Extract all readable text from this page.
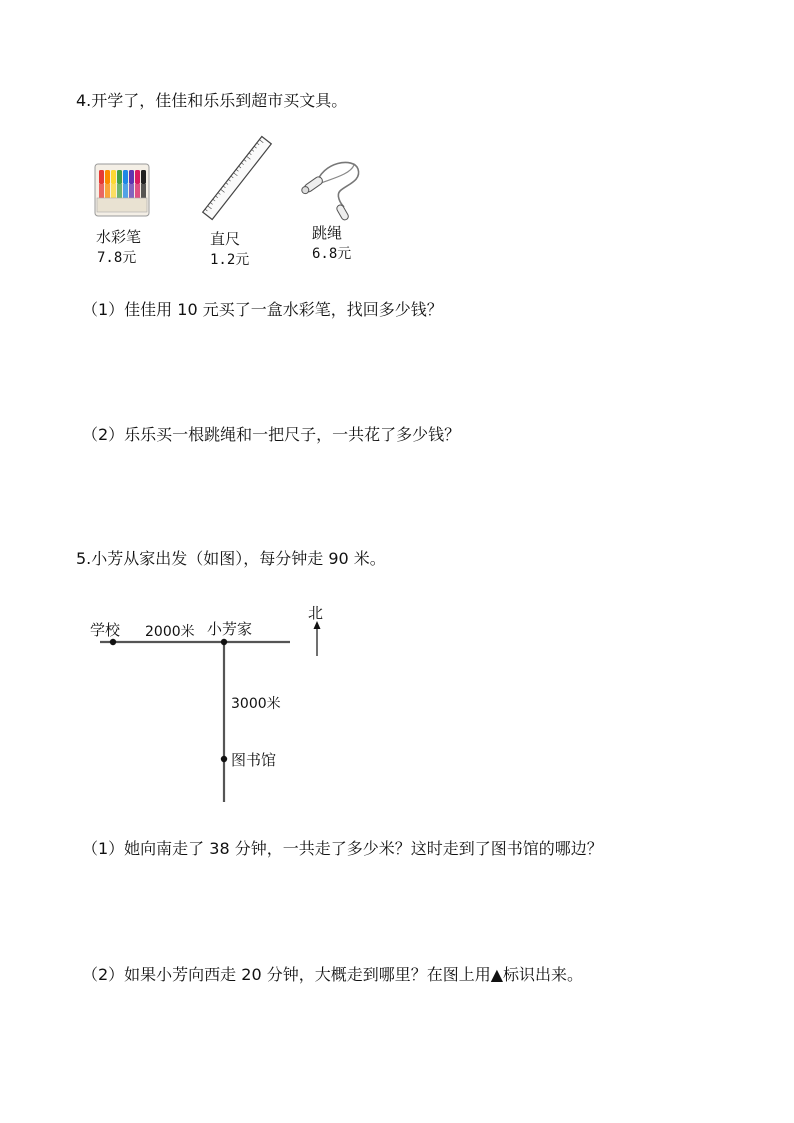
4.开学了，佳佳和乐乐到超市买文具。
水彩笔
7.8元
直尺
1.2元
跳绳
6.8元
（1）佳佳用 10 元买了一盒水彩笔，找回多少钱？
（2）乐乐买一根跳绳和一把尺子，一共花了多少钱？
5.小芳从家出发（如图），每分钟走 90 米。
北
学校 2000米 小芳家
3000米
图书馆
（1）她向南走了 38 分钟，一共走了多少米？这时走到了图书馆的哪边？
（2）如果小芳向西走 20 分钟，大概走到哪里？在图上用▲标识出来。
